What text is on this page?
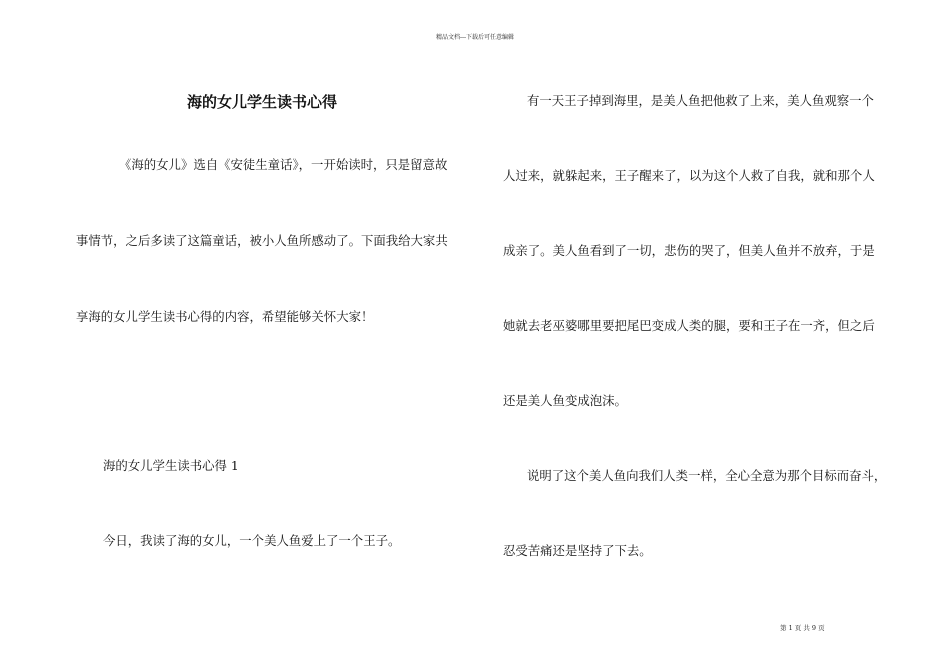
精品文档---下载后可任意编辑
海的女儿学生读书心得
《海的女儿》选自《安徒生童话》，一开始读时，只是留意故
事情节，之后多读了这篇童话，被小人鱼所感动了。下面我给大家共
享海的女儿学生读书心得的内容，希望能够关怀大家！
海的女儿学生读书心得 1
今日，我读了海的女儿，一个美人鱼爱上了一个王子。
有一天王子掉到海里，是美人鱼把他救了上来，美人鱼观察一个
人过来，就躲起来，王子醒来了，以为这个人救了自我，就和那个人
成亲了。美人鱼看到了一切，悲伤的哭了，但美人鱼并不放弃，于是
她就去老巫婆哪里要把尾巴变成人类的腿，要和王子在一齐，但之后
还是美人鱼变成泡沫。
说明了这个美人鱼向我们人类一样，全心全意为那个目标而奋斗，
忍受苦痛还是坚持了下去。
第 1 页 共 9 页
